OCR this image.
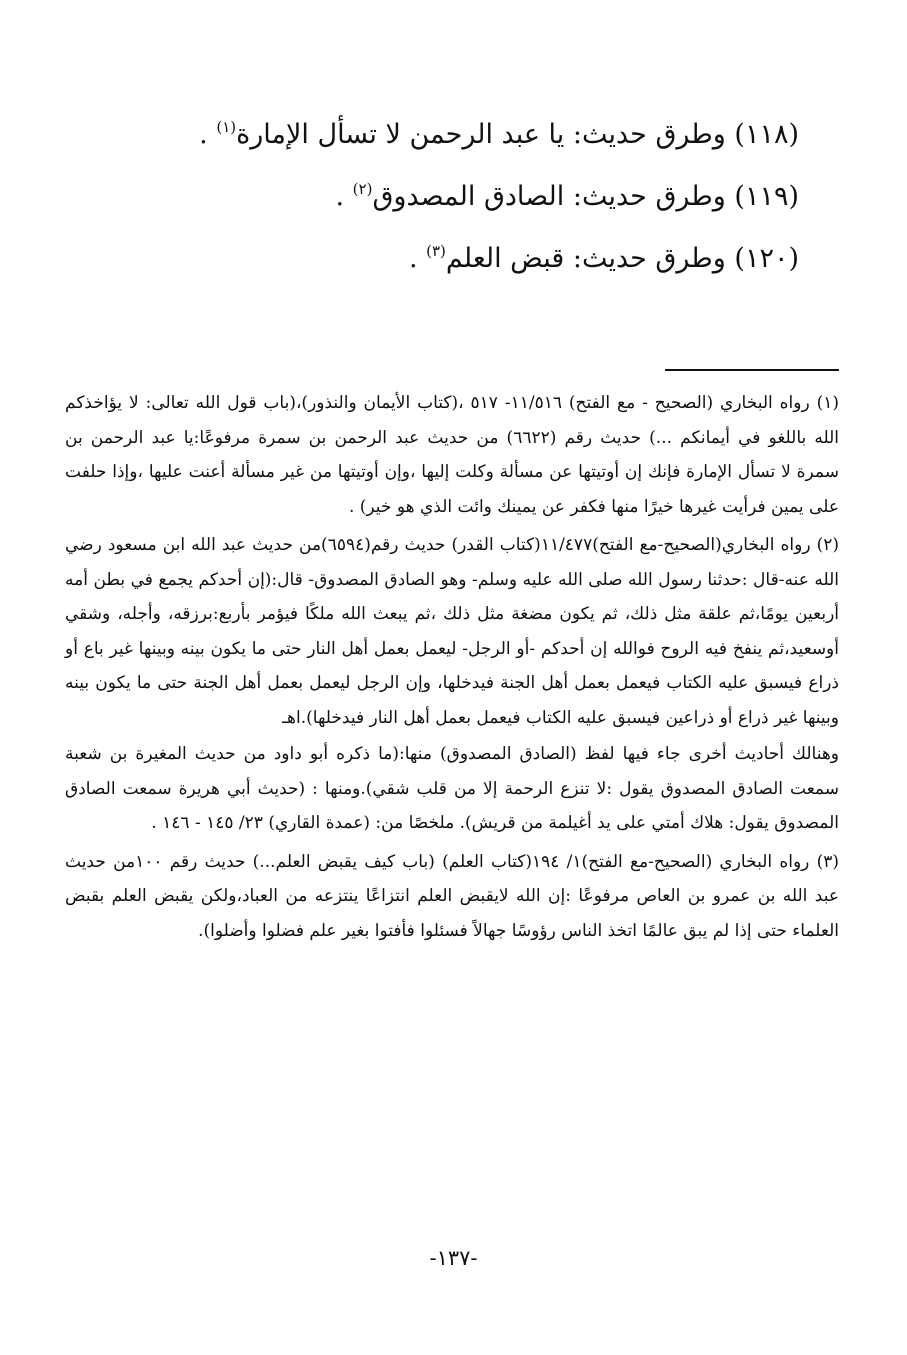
(١١٨) وطرق حديث: يا عبد الرحمن لا تسأل الإمارة$^{(١)}$ .
(١١٩) وطرق حديث: الصادق المصدوق$^{(٢)}$ .
(١٢٠) وطرق حديث: قبض العلم$^{(٣)}$ .

(١) رواه البخاري (الصحيح - مع الفتح) ١١/٥١٦- ٥١٧ ،(كتاب الأيمان والنذور)،(باب قول الله تعالى: لا يؤاخذكم الله باللغو في أيمانكم ...) حديث رقم (٦٦٢٢) من حديث عبد الرحمن بن سمرة مرفوعًا:يا عبد الرحمن بن سمرة لا تسأل الإمارة فإنك إن أوتيتها عن مسألة وكلت إليها ،وإن أوتيتها من غير مسألة أعنت عليها ،وإذا حلفت على يمين فرأيت غيرها خيرًا منها فكفر عن يمينك وائت الذي هو خير) .

(٢) رواه البخاري(الصحيح-مع الفتح)١١/٤٧٧(كتاب القدر) حديث رقم(٦٥٩٤)من حديث عبد الله ابن مسعود رضي الله عنه-قال :حدثنا رسول الله صلى الله عليه وسلم- وهو الصادق المصدوق- قال:(إن أحدكم يجمع في بطن أمه أربعين يومًا،ثم علقة مثل ذلك، ثم يكون مضغة مثل ذلك ،ثم يبعث الله ملكًا فيؤمر بأربع:برزقه، وأجله، وشقي أوسعيد،ثم ينفخ فيه الروح فوالله إن أحدكم -أو الرجل- ليعمل بعمل أهل النار حتى ما يكون بينه وبينها غير باع أو ذراع فيسبق عليه الكتاب فيعمل بعمل أهل الجنة فيدخلها، وإن الرجل ليعمل بعمل أهل الجنة حتى ما يكون بينه وبينها غير ذراع أو ذراعين فيسبق عليه الكتاب فيعمل بعمل أهل النار فيدخلها).اهـ

وهنالك أحاديث أخرى جاء فيها لفظ (الصادق المصدوق) منها:(ما ذكره أبو داود من حديث المغيرة بن شعبة سمعت الصادق المصدوق يقول :لا تنزع الرحمة إلا من قلب شقي).ومنها : (حديث أبي هريرة سمعت الصادق المصدوق يقول: هلاك أمتي على يد أغيلمة من قريش). ملخصًا من: (عمدة القاري) ٢٣/ ١٤٥ - ١٤٦ .

(٣) رواه البخاري (الصحيح-مع الفتح)١/ ١٩٤(كتاب العلم) (باب كيف يقبض العلم...) حديث رقم ١٠٠من حديث عبد الله بن عمرو بن العاص مرفوعًا :إن الله لايقبض العلم انتزاعًا ينتزعه من العباد،ولكن يقبض العلم بقبض العلماء حتى إذا لم يبق عالمًا اتخذ الناس رؤوسًا جهالاً فسئلوا فأفتوا بغير علم فضلوا وأضلوا).

-١٣٧-
